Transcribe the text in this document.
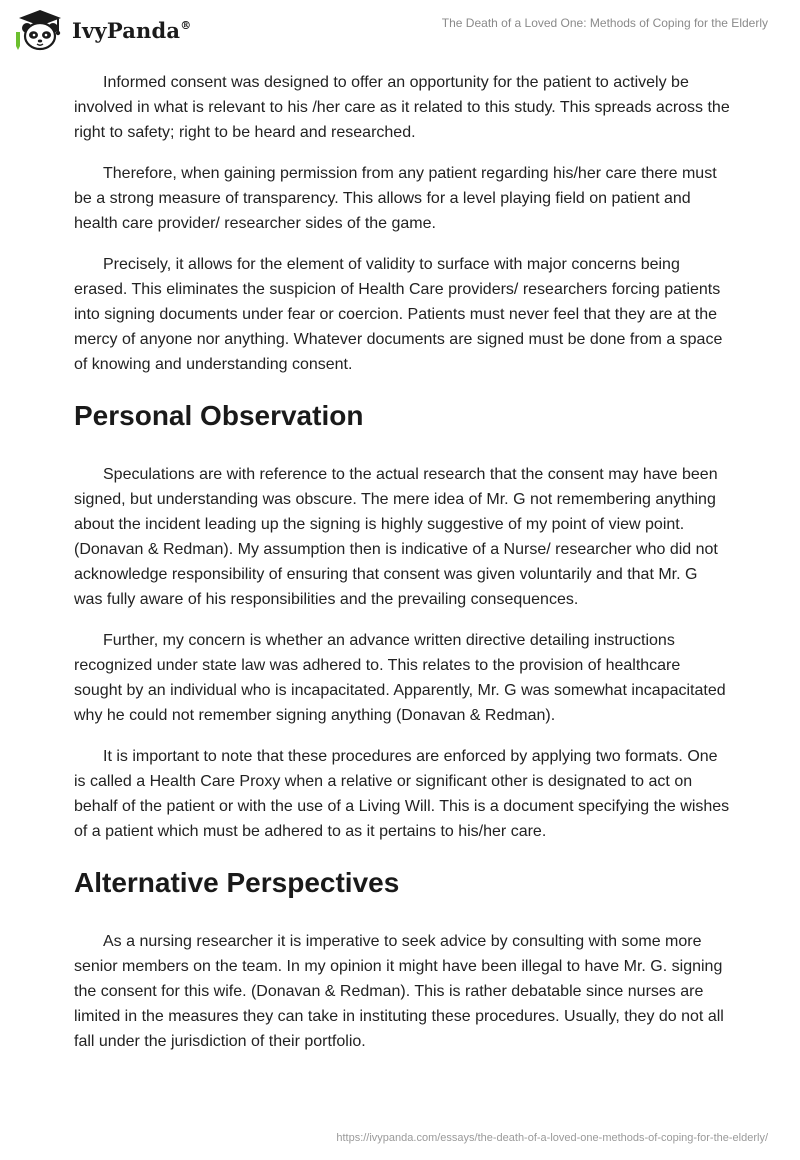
IvyPanda®	The Death of a Loved One: Methods of Coping for the Elderly

Informed consent was designed to offer an opportunity for the patient to actively be involved in what is relevant to his /her care as it related to this study. This spreads across the right to safety; right to be heard and researched.

Therefore, when gaining permission from any patient regarding his/her care there must be a strong measure of transparency. This allows for a level playing field on patient and health care provider/ researcher sides of the game.

Precisely, it allows for the element of validity to surface with major concerns being erased. This eliminates the suspicion of Health Care providers/ researchers forcing patients into signing documents under fear or coercion. Patients must never feel that they are at the mercy of anyone nor anything. Whatever documents are signed must be done from a space of knowing and understanding consent.

Personal Observation

Speculations are with reference to the actual research that the consent may have been signed, but understanding was obscure. The mere idea of Mr. G not remembering anything about the incident leading up the signing is highly suggestive of my point of view point. (Donavan & Redman). My assumption then is indicative of a Nurse/ researcher who did not acknowledge responsibility of ensuring that consent was given voluntarily and that Mr. G was fully aware of his responsibilities and the prevailing consequences.

Further, my concern is whether an advance written directive detailing instructions recognized under state law was adhered to. This relates to the provision of healthcare sought by an individual who is incapacitated. Apparently, Mr. G was somewhat incapacitated why he could not remember signing anything (Donavan & Redman).

It is important to note that these procedures are enforced by applying two formats. One is called a Health Care Proxy when a relative or significant other is designated to act on behalf of the patient or with the use of a Living Will. This is a document specifying the wishes of a patient which must be adhered to as it pertains to his/her care.

Alternative Perspectives

As a nursing researcher it is imperative to seek advice by consulting with some more senior members on the team. In my opinion it might have been illegal to have Mr. G. signing the consent for this wife. (Donavan & Redman). This is rather debatable since nurses are limited in the measures they can take in instituting these procedures. Usually, they do not all fall under the jurisdiction of their portfolio.

https://ivypanda.com/essays/the-death-of-a-loved-one-methods-of-coping-for-the-elderly/
